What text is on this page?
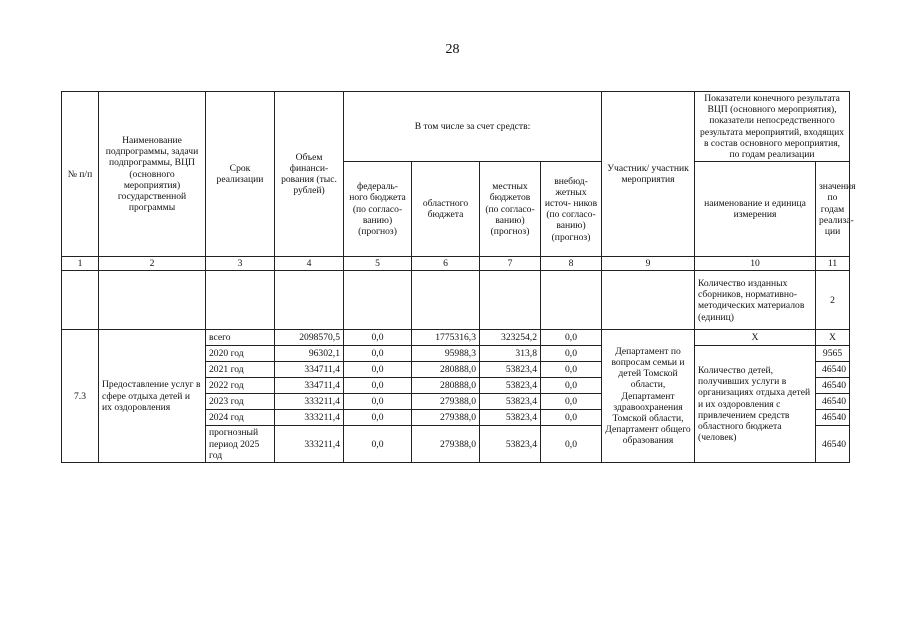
28
№ п/п	Наименование подпрограммы, задачи подпрограммы, ВЦП (основного мероприятия) государственной программы	Срок реализации	Объем финанси- рования (тыс. рублей)	В том числе за счет средств:				Участник/ участник мероприятия	Показатели конечного результата ВЦП (основного мероприятия), показатели непосредственного результата мероприятий, входящих в состав основного мероприятия, по годам реализации	
				федераль- ного бюджета (по согласо- ванию) (прогноз)	областного бюджета	местных бюджетов (по согласо- ванию) (прогноз)	внебюд- жетных источ- ников (по согласо- ванию) (прогноз)		наименование и единица измерения	значения по годам реализа- ции
1	2	3	4	5	6	7	8	9	10	11
									Количество изданных сборников, нормативно- методических материалов (единиц)	2
7.3	Предоставление услуг в сфере отдыха детей и их оздоровления	всего	2098570,5	0,0	1775316,3	323254,2	0,0	Департамент по вопросам семьи и детей Томской области, Департамент здравоохранения Томской области, Департамент общего образования	Х	Х
		2020 год	96302,1	0,0	95988,3	313,8	0,0		Количество детей, получивших услуги в организациях отдыха детей и их оздоровления с привлечением средств областного бюджета (человек)	9565
		2021 год	334711,4	0,0	280888,0	53823,4	0,0			46540
		2022 год	334711,4	0,0	280888,0	53823,4	0,0			46540
		2023 год	333211,4	0,0	279388,0	53823,4	0,0			46540
		2024 год	333211,4	0,0	279388,0	53823,4	0,0			46540
		прогнозный период 2025 год	333211,4	0,0	279388,0	53823,4	0,0			46540
